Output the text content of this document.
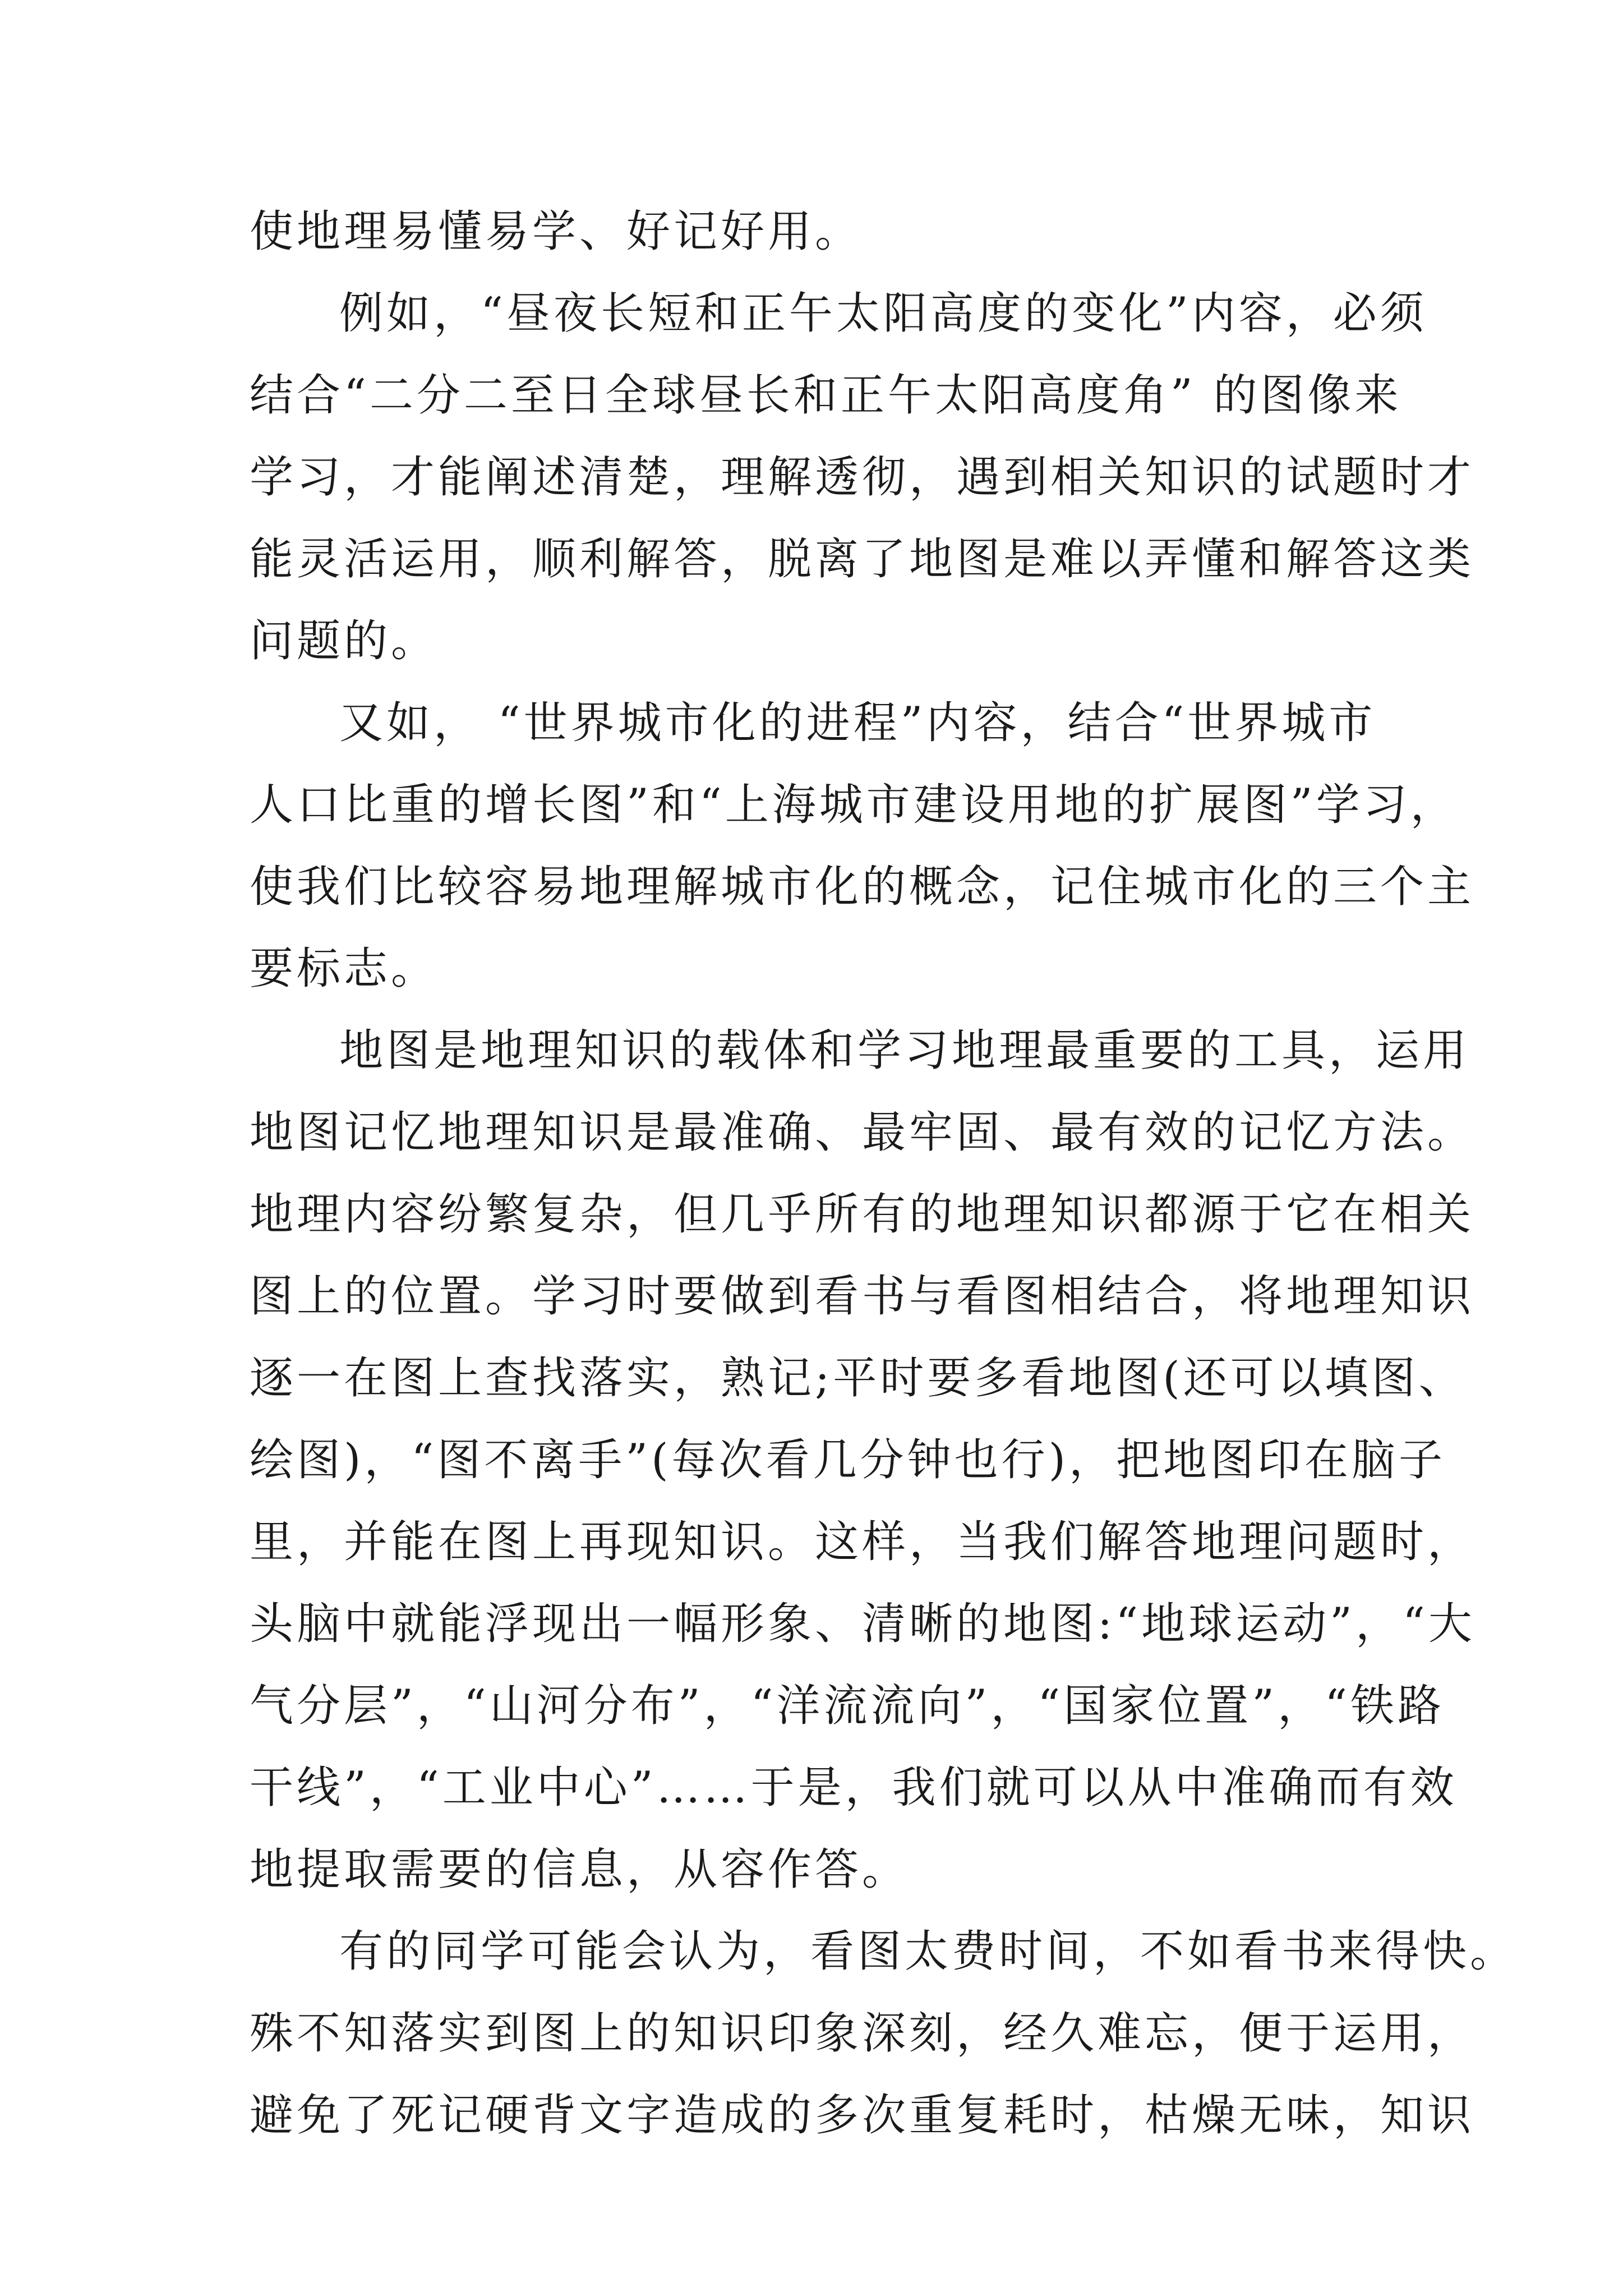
使地理易懂易学、好记好用。
例如，“昼夜长短和正午太阳高度的变化”内容，必须
结合“二分二至日全球昼长和正午太阳高度角” 的图像来
学习，才能阐述清楚，理解透彻，遇到相关知识的试题时才
能灵活运用，顺利解答，脱离了地图是难以弄懂和解答这类
问题的。
又如， “世界城市化的进程”内容，结合“世界城市
人口比重的增长图”和“上海城市建设用地的扩展图”学习，
使我们比较容易地理解城市化的概念，记住城市化的三个主
要标志。
地图是地理知识的载体和学习地理最重要的工具，运用
地图记忆地理知识是最准确、最牢固、最有效的记忆方法。
地理内容纷繁复杂，但几乎所有的地理知识都源于它在相关
图上的位置。学习时要做到看书与看图相结合，将地理知识
逐一在图上查找落实，熟记;平时要多看地图(还可以填图、
绘图)，“图不离手”(每次看几分钟也行)，把地图印在脑子
里，并能在图上再现知识。这样，当我们解答地理问题时，
头脑中就能浮现出一幅形象、清晰的地图:“地球运动”，“大
气分层”，“山河分布”，“洋流流向”，“国家位置”，“铁路
干线”，“工业中心”……于是，我们就可以从中准确而有效
地提取需要的信息，从容作答。
有的同学可能会认为，看图太费时间，不如看书来得快。
殊不知落实到图上的知识印象深刻，经久难忘，便于运用，
避免了死记硬背文字造成的多次重复耗时，枯燥无味，知识
